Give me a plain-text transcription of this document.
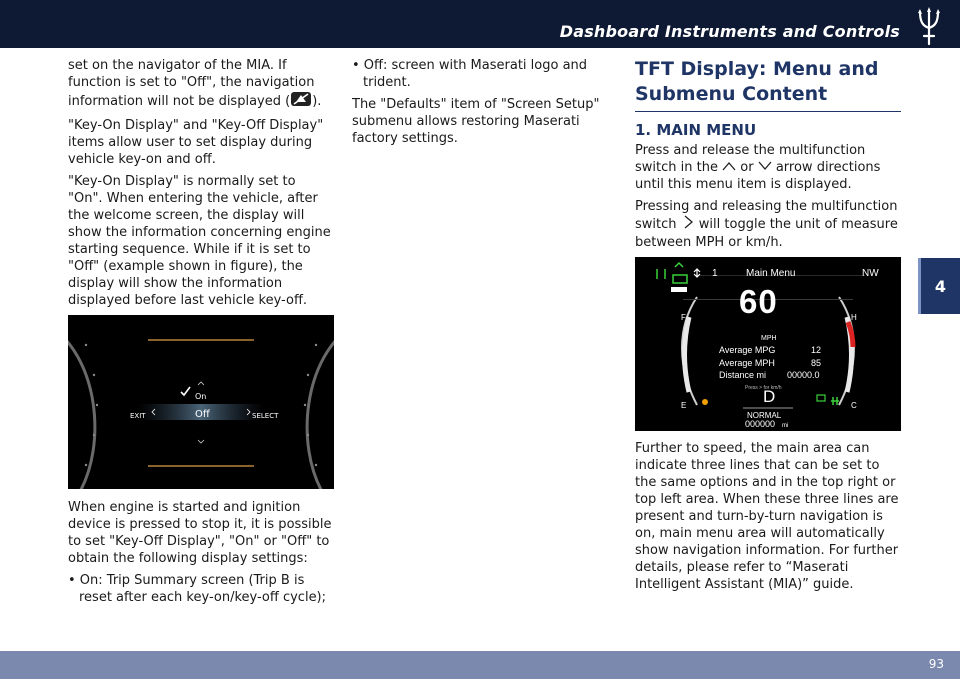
Dashboard Instruments and Controls
4

set on the navigator of the MIA. If function is set to "Off", the navigation information will not be displayed ( ).

"Key-On Display" and "Key-Off Display" items allow user to set display during vehicle key-on and off.

"Key-On Display" is normally set to "On". When entering the vehicle, after the welcome screen, the display will show the information concerning engine starting sequence. While if it is set to "Off" (example shown in figure), the display will show the information displayed before last vehicle key-off.

On
Off
EXIT	SELECT

When engine is started and ignition device is pressed to stop it, it is possible to set "Key-Off Display", "On" or "Off" to obtain the following display settings:

• On: Trip Summary screen (Trip B is reset after each key-on/key-off cycle);

• Off: screen with Maserati logo and trident.

The "Defaults" item of "Screen Setup" submenu allows restoring Maserati factory settings.

TFT Display: Menu and Submenu Content
1. MAIN MENU

Press and release the multifunction switch in the or arrow directions until this menu item is displayed.

Pressing and releasing the multifunction switch will toggle the unit of measure between MPH or km/h.

1	Main Menu	NW
60
MPH
Average MPG	12
Average MPH	85
Distance mi 00000.0
Press > for km/h
D
NORMAL
000000 mi
F
E
H
C

Further to speed, the main area can indicate three lines that can be set to the same options and in the top right or top left area. When these three lines are present and turn-by-turn navigation is on, main menu area will automatically show navigation information. For further details, please refer to “Maserati Intelligent Assistant (MIA)” guide.

93
